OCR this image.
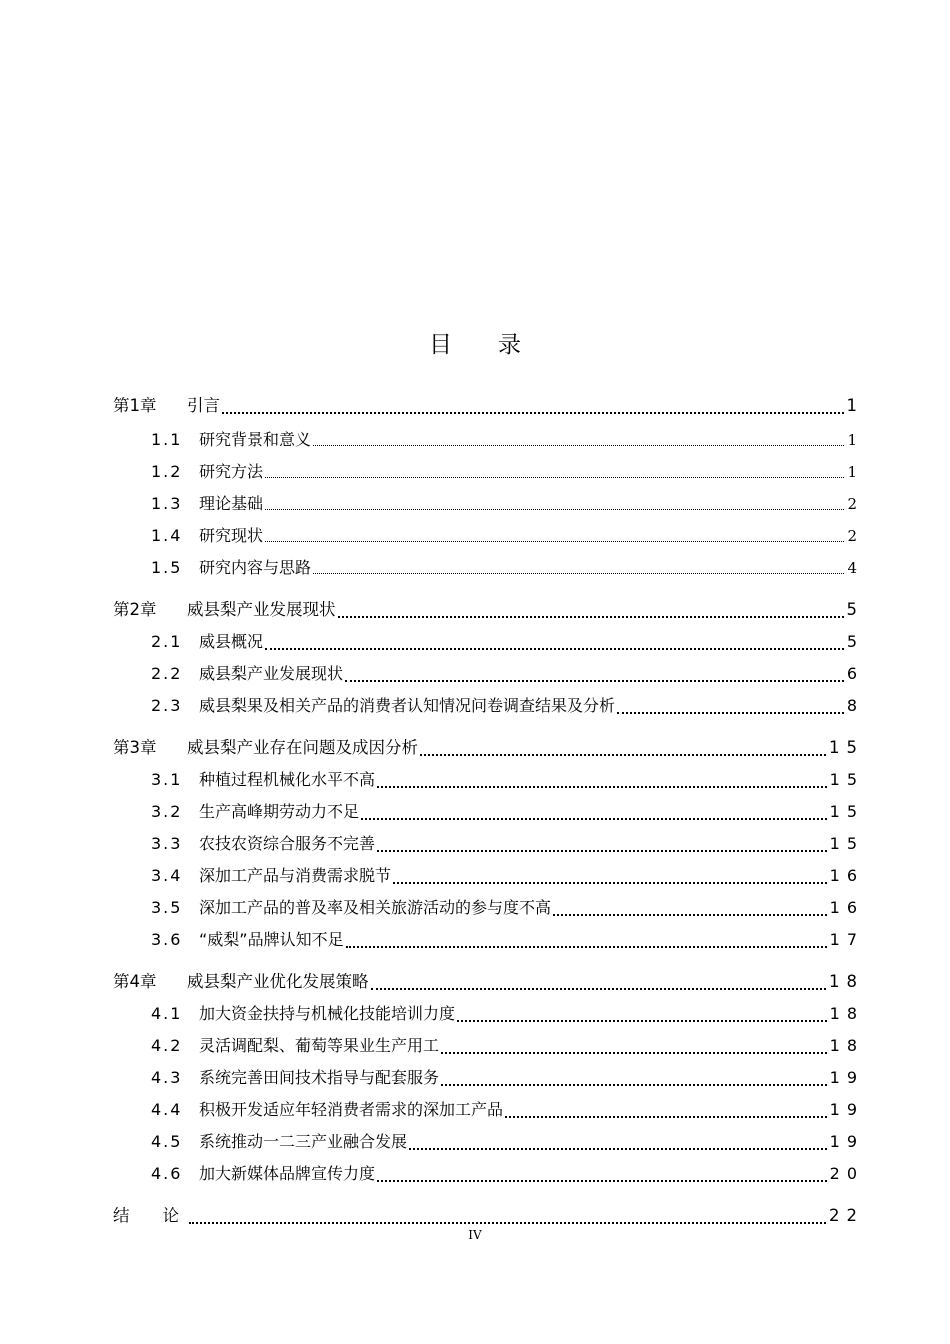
目 录
第1章	引言	1
1.1	研究背景和意义	1
1.2	研究方法	1
1.3	理论基础	2
1.4	研究现状	2
1.5	研究内容与思路	4
第2章	威县梨产业发展现状	5
2.1	威县概况	5
2.2	威县梨产业发展现状	6
2.3	威县梨果及相关产品的消费者认知情况问卷调查结果及分析	8
第3章	威县梨产业存在问题及成因分析	15
3.1	种植过程机械化水平不高	15
3.2	生产高峰期劳动力不足	15
3.3	农技农资综合服务不完善	15
3.4	深加工产品与消费需求脱节	16
3.5	深加工产品的普及率及相关旅游活动的参与度不高	16
3.6	“威梨”品牌认知不足	17
第4章	威县梨产业优化发展策略	18
4.1	加大资金扶持与机械化技能培训力度	18
4.2	灵活调配梨、葡萄等果业生产用工	18
4.3	系统完善田间技术指导与配套服务	19
4.4	积极开发适应年轻消费者需求的深加工产品	19
4.5	系统推动一二三产业融合发展	19
4.6	加大新媒体品牌宣传力度	20
结　　论	22
IV
